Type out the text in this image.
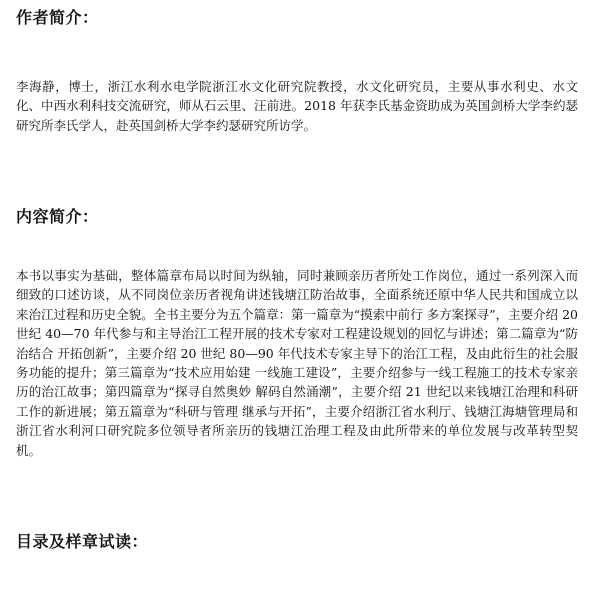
作者简介：

李海静，博士，浙江水利水电学院浙江水文化研究院教授，水文化研究员，主要从事水利史、水文化、中西水利科技交流研究，师从石云里、汪前进。2018 年获李氏基金资助成为英国剑桥大学李约瑟研究所李氏学人，赴英国剑桥大学李约瑟研究所访学。

内容简介：

本书以事实为基础，整体篇章布局以时间为纵轴，同时兼顾亲历者所处工作岗位，通过一系列深入而细致的口述访谈，从不同岗位亲历者视角讲述钱塘江防治故事，全面系统还原中华人民共和国成立以来治江过程和历史全貌。全书主要分为五个篇章：第一篇章为“摸索中前行 多方案探寻”，主要介绍 20 世纪 40—70 年代参与和主导治江工程开展的技术专家对工程建设规划的回忆与讲述；第二篇章为“防治结合 开拓创新”，主要介绍 20 世纪 80—90 年代技术专家主导下的治江工程，及由此衍生的社会服务功能的提升；第三篇章为“技术应用始建 一线施工建设”，主要介绍参与一线工程施工的技术专家亲历的治江故事；第四篇章为“探寻自然奥妙 解码自然涌潮”，主要介绍 21 世纪以来钱塘江治理和科研工作的新进展；第五篇章为“科研与管理 继承与开拓”，主要介绍浙江省水利厅、钱塘江海塘管理局和浙江省水利河口研究院多位领导者所亲历的钱塘江治理工程及由此所带来的单位发展与改革转型契机。

目录及样章试读：
